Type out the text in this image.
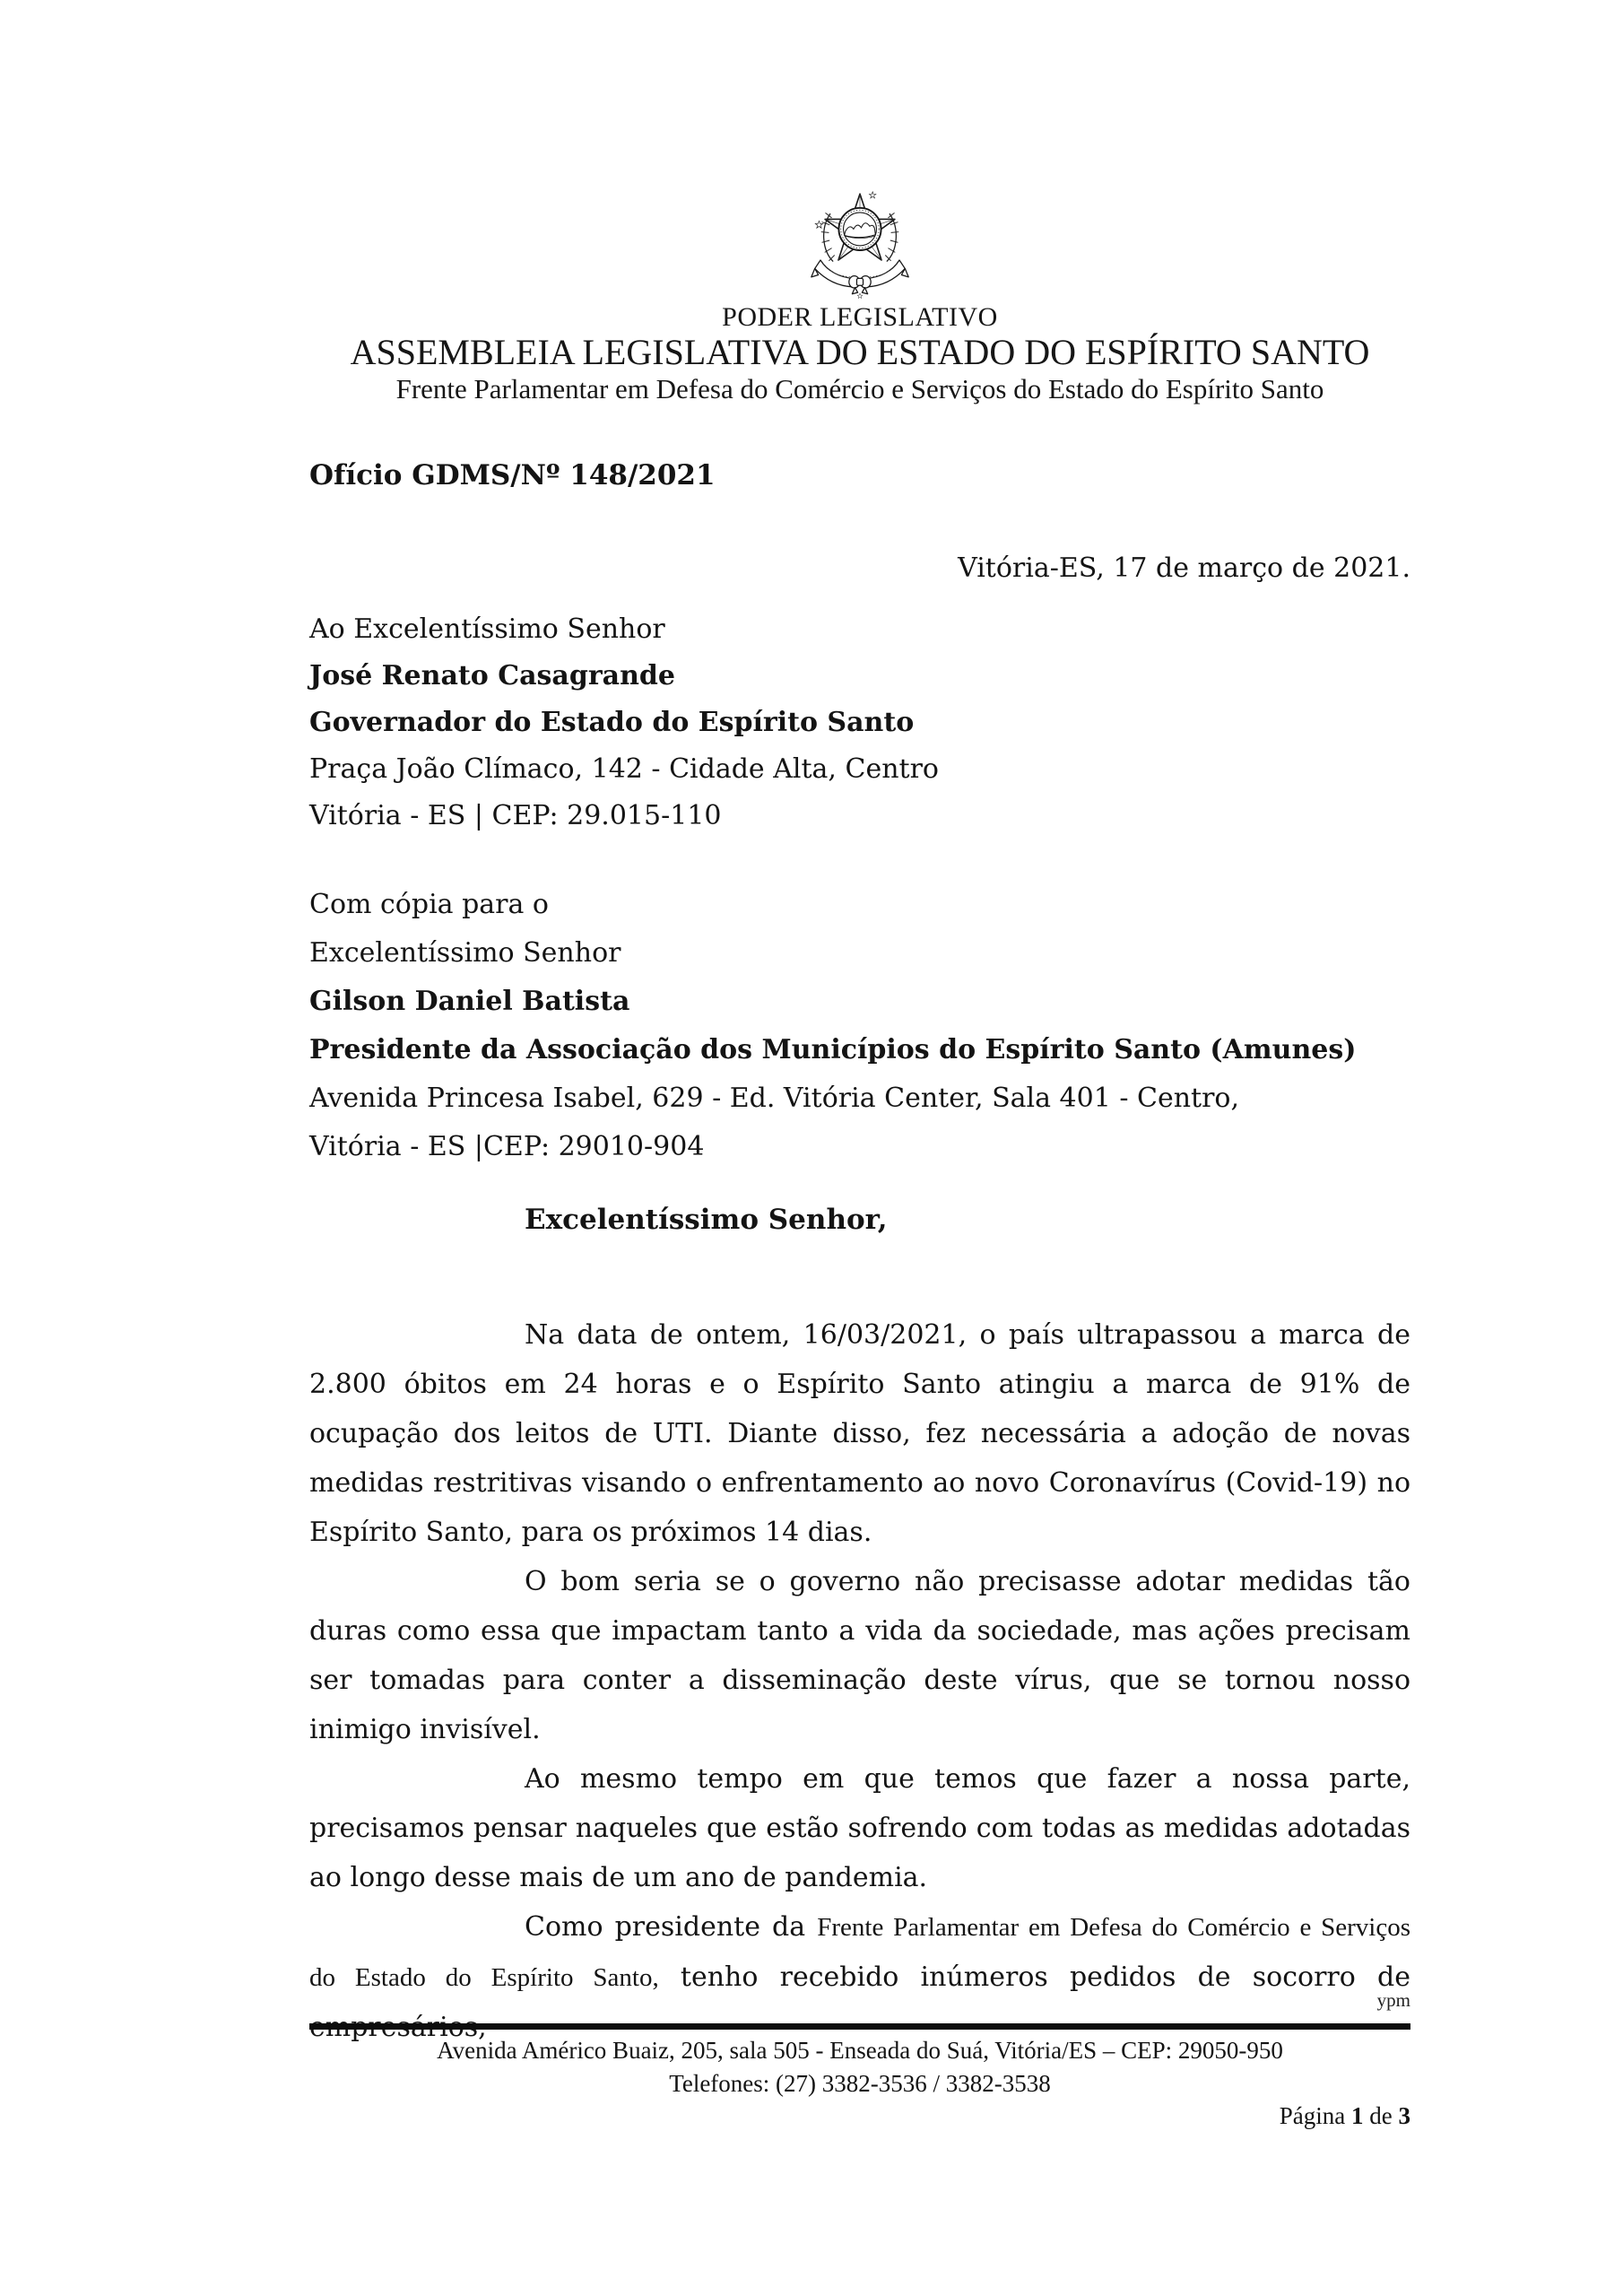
PODER LEGISLATIVO
ASSEMBLEIA LEGISLATIVA DO ESTADO DO ESPÍRITO SANTO
Frente Parlamentar em Defesa do Comércio e Serviços do Estado do Espírito Santo
Ofício GDMS/Nº 148/2021
Vitória-ES, 17 de março de 2021.
Ao Excelentíssimo Senhor
José Renato Casagrande
Governador do Estado do Espírito Santo
Praça João Clímaco, 142 - Cidade Alta, Centro
Vitória - ES | CEP: 29.015-110
Com cópia para o
Excelentíssimo Senhor
Gilson Daniel Batista
Presidente da Associação dos Municípios do Espírito Santo (Amunes)
Avenida Princesa Isabel, 629 - Ed. Vitória Center, Sala 401 - Centro,
Vitória - ES |CEP: 29010-904
Excelentíssimo Senhor,

Na data de ontem, 16/03/2021, o país ultrapassou a marca de 2.800 óbitos em 24 horas e o Espírito Santo atingiu a marca de 91% de ocupação dos leitos de UTI. Diante disso, fez necessária a adoção de novas medidas restritivas visando o enfrentamento ao novo Coronavírus (Covid-19) no Espírito Santo, para os próximos 14 dias.

O bom seria se o governo não precisasse adotar medidas tão duras como essa que impactam tanto a vida da sociedade, mas ações precisam ser tomadas para conter a disseminação deste vírus, que se tornou nosso inimigo invisível.

Ao mesmo tempo em que temos que fazer a nossa parte, precisamos pensar naqueles que estão sofrendo com todas as medidas adotadas ao longo desse mais de um ano de pandemia.

Como presidente da Frente Parlamentar em Defesa do Comércio e Serviços do Estado do Espírito Santo, tenho recebido inúmeros pedidos de socorro de

ypm
Avenida Américo Buaiz, 205, sala 505 - Enseada do Suá, Vitória/ES – CEP: 29050-950
Telefones: (27) 3382-3536 / 3382-3538
Página 1 de 3
